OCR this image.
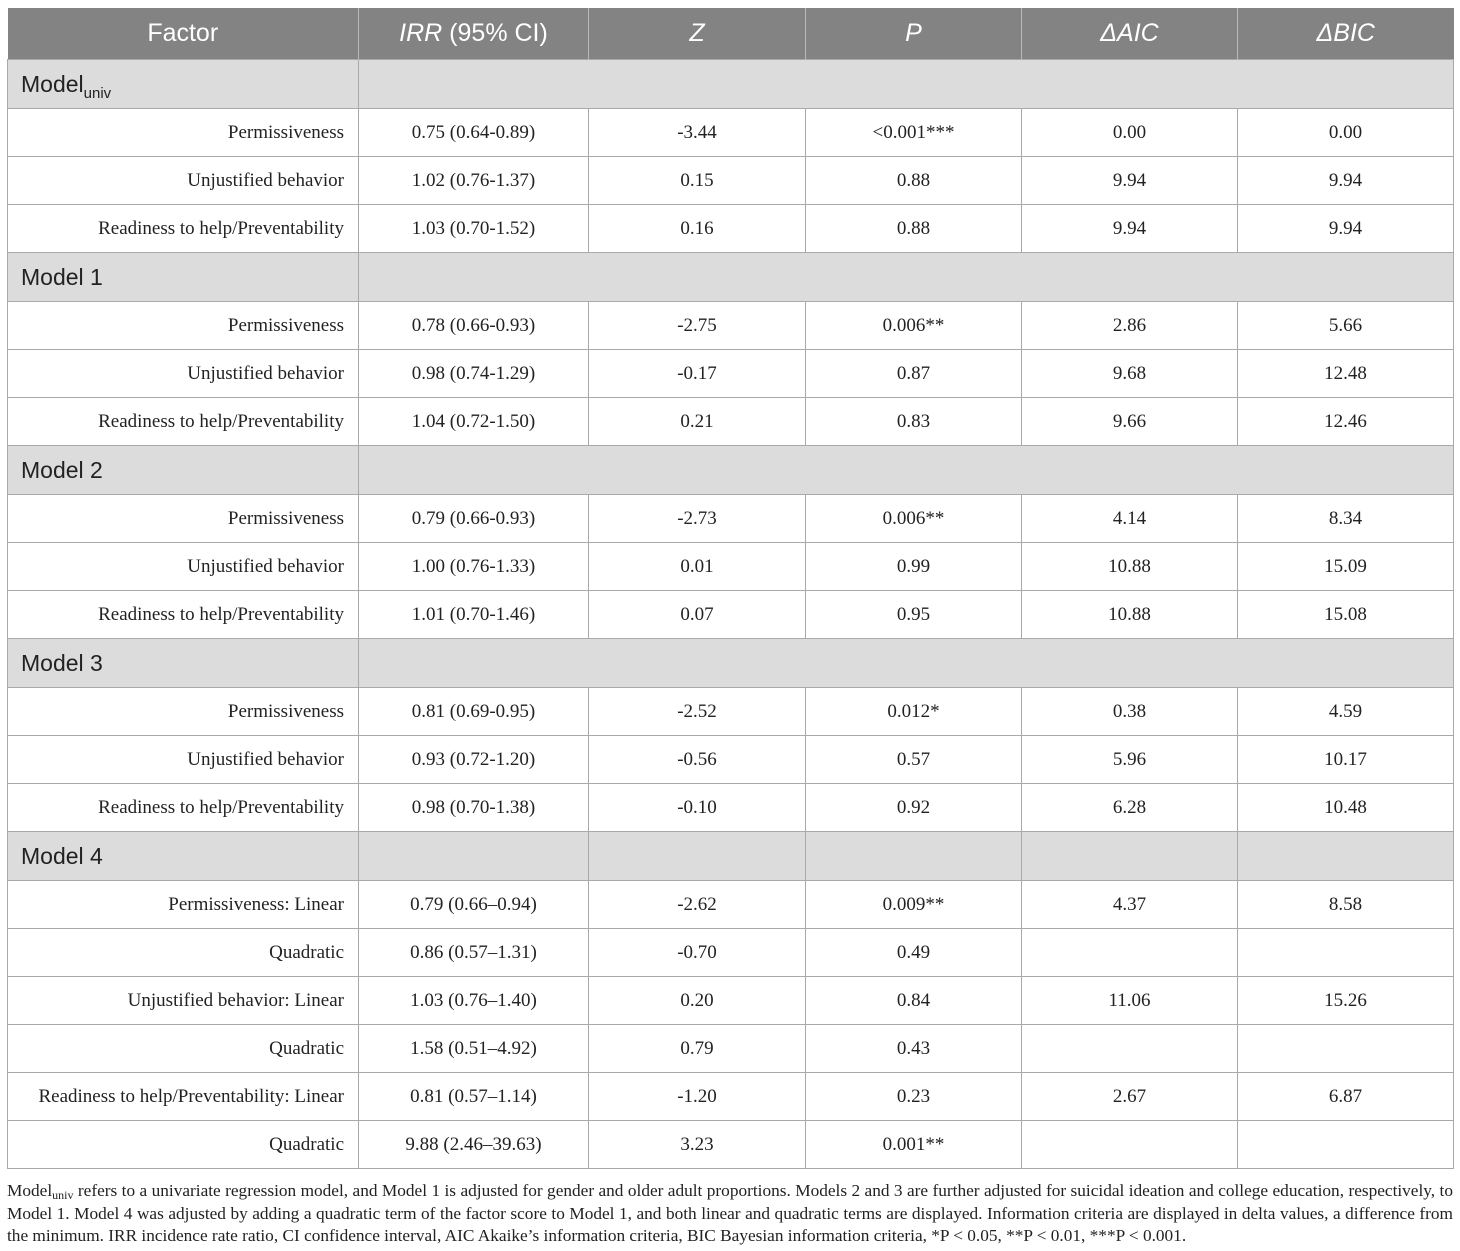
Factor	IRR (95% CI)	Z	P	ΔAIC	ΔBIC
Model$_{univ}$	
Permissiveness	0.75 (0.64-0.89)	-3.44	<0.001***	0.00	0.00
Unjustified behavior	1.02 (0.76-1.37)	0.15	0.88	9.94	9.94
Readiness to help/Preventability	1.03 (0.70-1.52)	0.16	0.88	9.94	9.94
Model 1					
Permissiveness	0.78 (0.66-0.93)	-2.75	0.006**	2.86	5.66
Unjustified behavior	0.98 (0.74-1.29)	-0.17	0.87	9.68	12.48
Readiness to help/Preventability	1.04 (0.72-1.50)	0.21	0.83	9.66	12.46
Model 2					
Permissiveness	0.79 (0.66-0.93)	-2.73	0.006**	4.14	8.34
Unjustified behavior	1.00 (0.76-1.33)	0.01	0.99	10.88	15.09
Readiness to help/Preventability	1.01 (0.70-1.46)	0.07	0.95	10.88	15.08
Model 3					
Permissiveness	0.81 (0.69-0.95)	-2.52	0.012*	0.38	4.59
Unjustified behavior	0.93 (0.72-1.20)	-0.56	0.57	5.96	10.17
Readiness to help/Preventability	0.98 (0.70-1.38)	-0.10	0.92	6.28	10.48
Model 4					
Permissiveness: Linear	0.79 (0.66–0.94)	-2.62	0.009**	4.37	8.58
Quadratic	0.86 (0.57–1.31)	-0.70	0.49		
Unjustified behavior: Linear	1.03 (0.76–1.40)	0.20	0.84	11.06	15.26
Quadratic	1.58 (0.51–4.92)	0.79	0.43		
Readiness to help/Preventability: Linear	0.81 (0.57–1.14)	-1.20	0.23	2.67	6.87
Quadratic	9.88 (2.46–39.63)	3.23	0.001**		
Modeluniv refers to a univariate regression model, and Model 1 is adjusted for gender and older adult proportions. Models 2 and 3 are further adjusted for suicidal ideation and college education, respectively, to Model 1. Model 4 was adjusted by adding a quadratic term of the factor score to Model 1, and both linear and quadratic terms are displayed. Information criteria are displayed in delta values, a difference from the minimum. IRR incidence rate ratio, CI confidence interval, AIC Akaike’s information criteria, BIC Bayesian information criteria, *P < 0.05, **P < 0.01, ***P < 0.001.
